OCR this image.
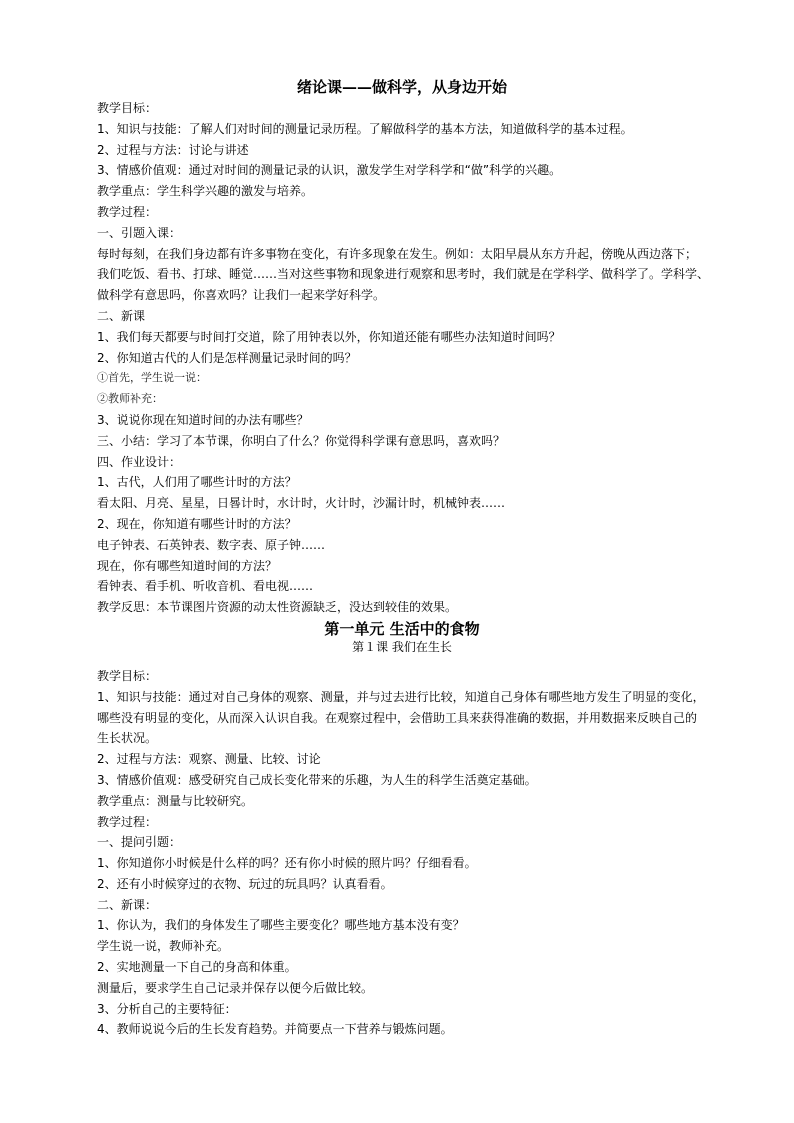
绪论课——做科学，从身边开始
教学目标：
1、知识与技能：了解人们对时间的测量记录历程。了解做科学的基本方法，知道做科学的基本过程。
2、过程与方法：讨论与讲述
3、情感价值观：通过对时间的测量记录的认识，激发学生对学科学和“做”科学的兴趣。
教学重点：学生科学兴趣的激发与培养。
教学过程：
一、引题入课：
每时每刻，在我们身边都有许多事物在变化，有许多现象在发生。例如：太阳早晨从东方升起，傍晚从西边落下；
我们吃饭、看书、打球、睡觉……当对这些事物和现象进行观察和思考时，我们就是在学科学、做科学了。学科学、
做科学有意思吗，你喜欢吗？让我们一起来学好科学。
二、新课
1、我们每天都要与时间打交道，除了用钟表以外，你知道还能有哪些办法知道时间吗？
2、你知道古代的人们是怎样测量记录时间的吗？
①首先，学生说一说：
②教师补充：
3、说说你现在知道时间的办法有哪些？
三、小结：学习了本节课，你明白了什么？你觉得科学课有意思吗，喜欢吗？
四、作业设计：
1、古代，人们用了哪些计时的方法？
看太阳、月亮、星星，日晷计时，水计时，火计时，沙漏计时，机械钟表……
2、现在，你知道有哪些计时的方法？
电子钟表、石英钟表、数字表、原子钟……
现在，你有哪些知道时间的方法？
看钟表、看手机、听收音机、看电视……
教学反思：本节课图片资源的动太性资源缺乏，没达到较佳的效果。
第一单元 生活中的食物
第１课 我们在生长
教学目标：
1、知识与技能：通过对自己身体的观察、测量，并与过去进行比较，知道自己身体有哪些地方发生了明显的变化，
哪些没有明显的变化，从而深入认识自我。在观察过程中，会借助工具来获得准确的数据，并用数据来反映自己的
生长状况。
2、过程与方法：观察、测量、比较、讨论
3、情感价值观：感受研究自己成长变化带来的乐趣，为人生的科学生活奠定基础。
教学重点：测量与比较研究。
教学过程：
一、提问引题：
1、你知道你小时候是什么样的吗？还有你小时候的照片吗？仔细看看。
2、还有小时候穿过的衣物、玩过的玩具吗？认真看看。
二、新课：
1、你认为，我们的身体发生了哪些主要变化？哪些地方基本没有变？
学生说一说，教师补充。
2、实地测量一下自己的身高和体重。
测量后，要求学生自己记录并保存以便今后做比较。
3、分析自己的主要特征：
4、教师说说今后的生长发育趋势。并简要点一下营养与锻炼问题。
